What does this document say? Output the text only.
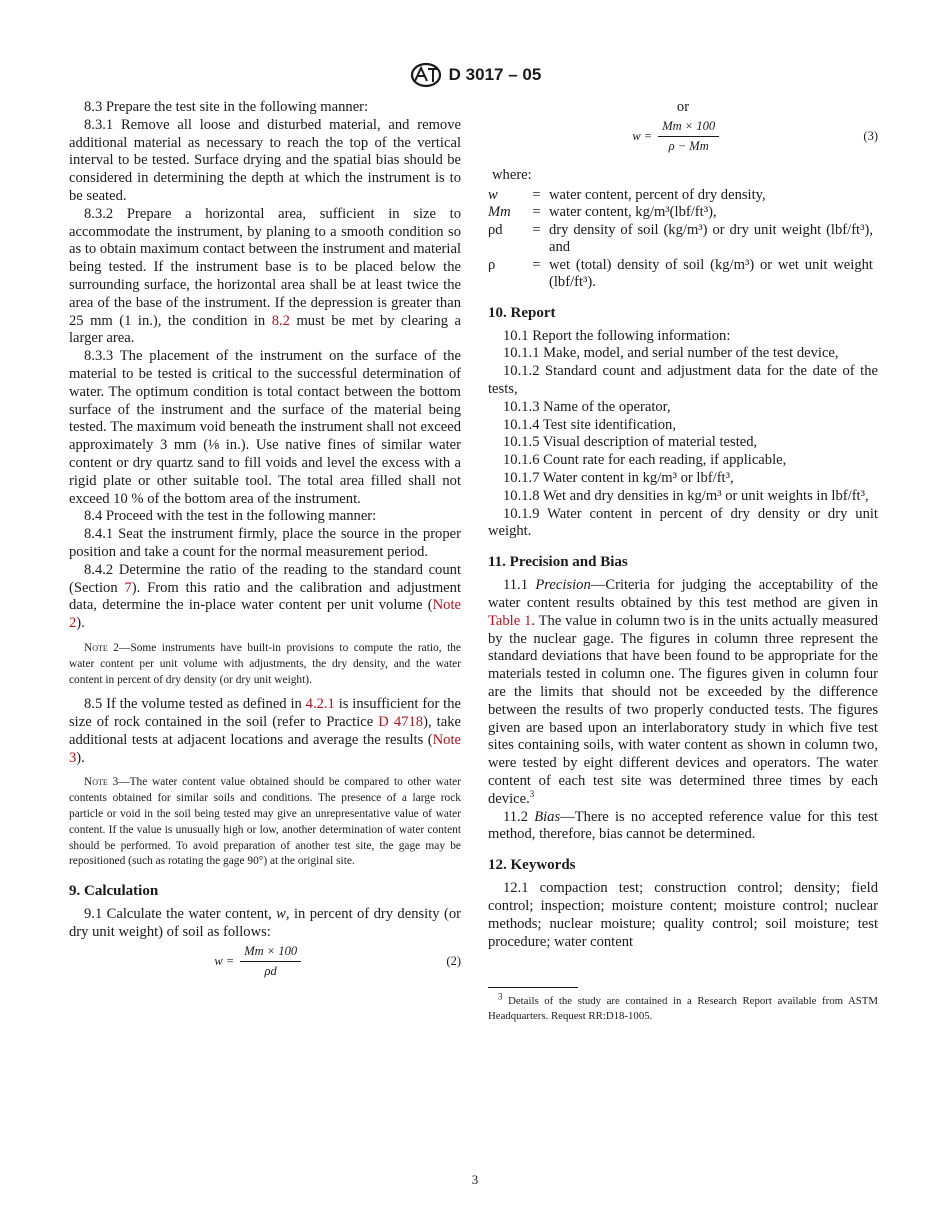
D 3017 – 05

8.3 Prepare the test site in the following manner:

8.3.1 Remove all loose and disturbed material, and remove additional material as necessary to reach the top of the vertical interval to be tested. Surface drying and the spatial bias should be considered in determining the depth at which the instrument is to be seated.

8.3.2 Prepare a horizontal area, sufficient in size to accommodate the instrument, by planing to a smooth condition so as to obtain maximum contact between the instrument and material being tested. If the instrument base is to be placed below the surrounding surface, the horizontal area shall be at least twice the area of the base of the instrument. If the depression is greater than 25 mm (1 in.), the condition in 8.2 must be met by clearing a larger area.

8.3.3 The placement of the instrument on the surface of the material to be tested is critical to the successful determination of water. The optimum condition is total contact between the bottom surface of the instrument and the surface of the material being tested. The maximum void beneath the instrument shall not exceed approximately 3 mm (⅛ in.). Use native fines of similar water content or dry quartz sand to fill voids and level the excess with a rigid plate or other suitable tool. The total area filled shall not exceed 10 % of the bottom area of the instrument.

8.4 Proceed with the test in the following manner:

8.4.1 Seat the instrument firmly, place the source in the proper position and take a count for the normal measurement period.

8.4.2 Determine the ratio of the reading to the standard count (Section 7). From this ratio and the calibration and adjustment data, determine the in-place water content per unit volume (Note 2).

Note 2—Some instruments have built-in provisions to compute the ratio, the water content per unit volume with adjustments, the dry density, and the water content in percent of dry density (or dry unit weight).

8.5 If the volume tested as defined in 4.2.1 is insufficient for the size of rock contained in the soil (refer to Practice D 4718), take additional tests at adjacent locations and average the results (Note 3).

Note 3—The water content value obtained should be compared to other water contents obtained for similar soils and conditions. The presence of a large rock particle or void in the soil being tested may give an unrepresentative value of water content. If the value is unusually high or low, another determination of water content should be performed. To avoid preparation of another test site, the gage may be repositioned (such as rotating the gage 90°) at the original site.

9. Calculation

9.1 Calculate the water content, w, in percent of dry density (or dry unit weight) of soil as follows:

$w = \frac{Mm \times 100}{\rho d}$	(2)

or

$w = \frac{Mm \times 100}{\rho - Mm}$	(3)

where:

w	=	water content, percent of dry density,
Mm	=	water content, kg/m³(lbf/ft³),
ρd	=	dry density of soil (kg/m³) or dry unit weight (lbf/ft³), and
ρ	=	wet (total) density of soil (kg/m³) or wet unit weight (lbf/ft³).
10. Report

10.1 Report the following information:

10.1.1 Make, model, and serial number of the test device,

10.1.2 Standard count and adjustment data for the date of the tests,

10.1.3 Name of the operator,

10.1.4 Test site identification,

10.1.5 Visual description of material tested,

10.1.6 Count rate for each reading, if applicable,

10.1.7 Water content in kg/m³ or lbf/ft³,

10.1.8 Wet and dry densities in kg/m³ or unit weights in lbf/ft³,

10.1.9 Water content in percent of dry density or dry unit weight.

11. Precision and Bias

11.1 Precision—Criteria for judging the acceptability of the water content results obtained by this test method are given in Table 1. The value in column two is in the units actually measured by the nuclear gage. The figures in column three represent the standard deviations that have been found to be appropriate for the materials tested in column one. The figures given in column four are the limits that should not be exceeded by the difference between the results of two properly conducted tests. The figures given are based upon an interlaboratory study in which five test sites containing soils, with water content as shown in column two, were tested by eight different devices and operators. The water content of each test site was determined three times by each device.$^3$

11.2 Bias—There is no accepted reference value for this test method, therefore, bias cannot be determined.

12. Keywords

12.1 compaction test; construction control; density; field control; inspection; moisture content; moisture control; nuclear methods; nuclear moisture; quality control; soil moisture; test procedure; water content

$^3$ Details of the study are contained in a Research Report available from ASTM Headquarters. Request RR:D18-1005.

3
